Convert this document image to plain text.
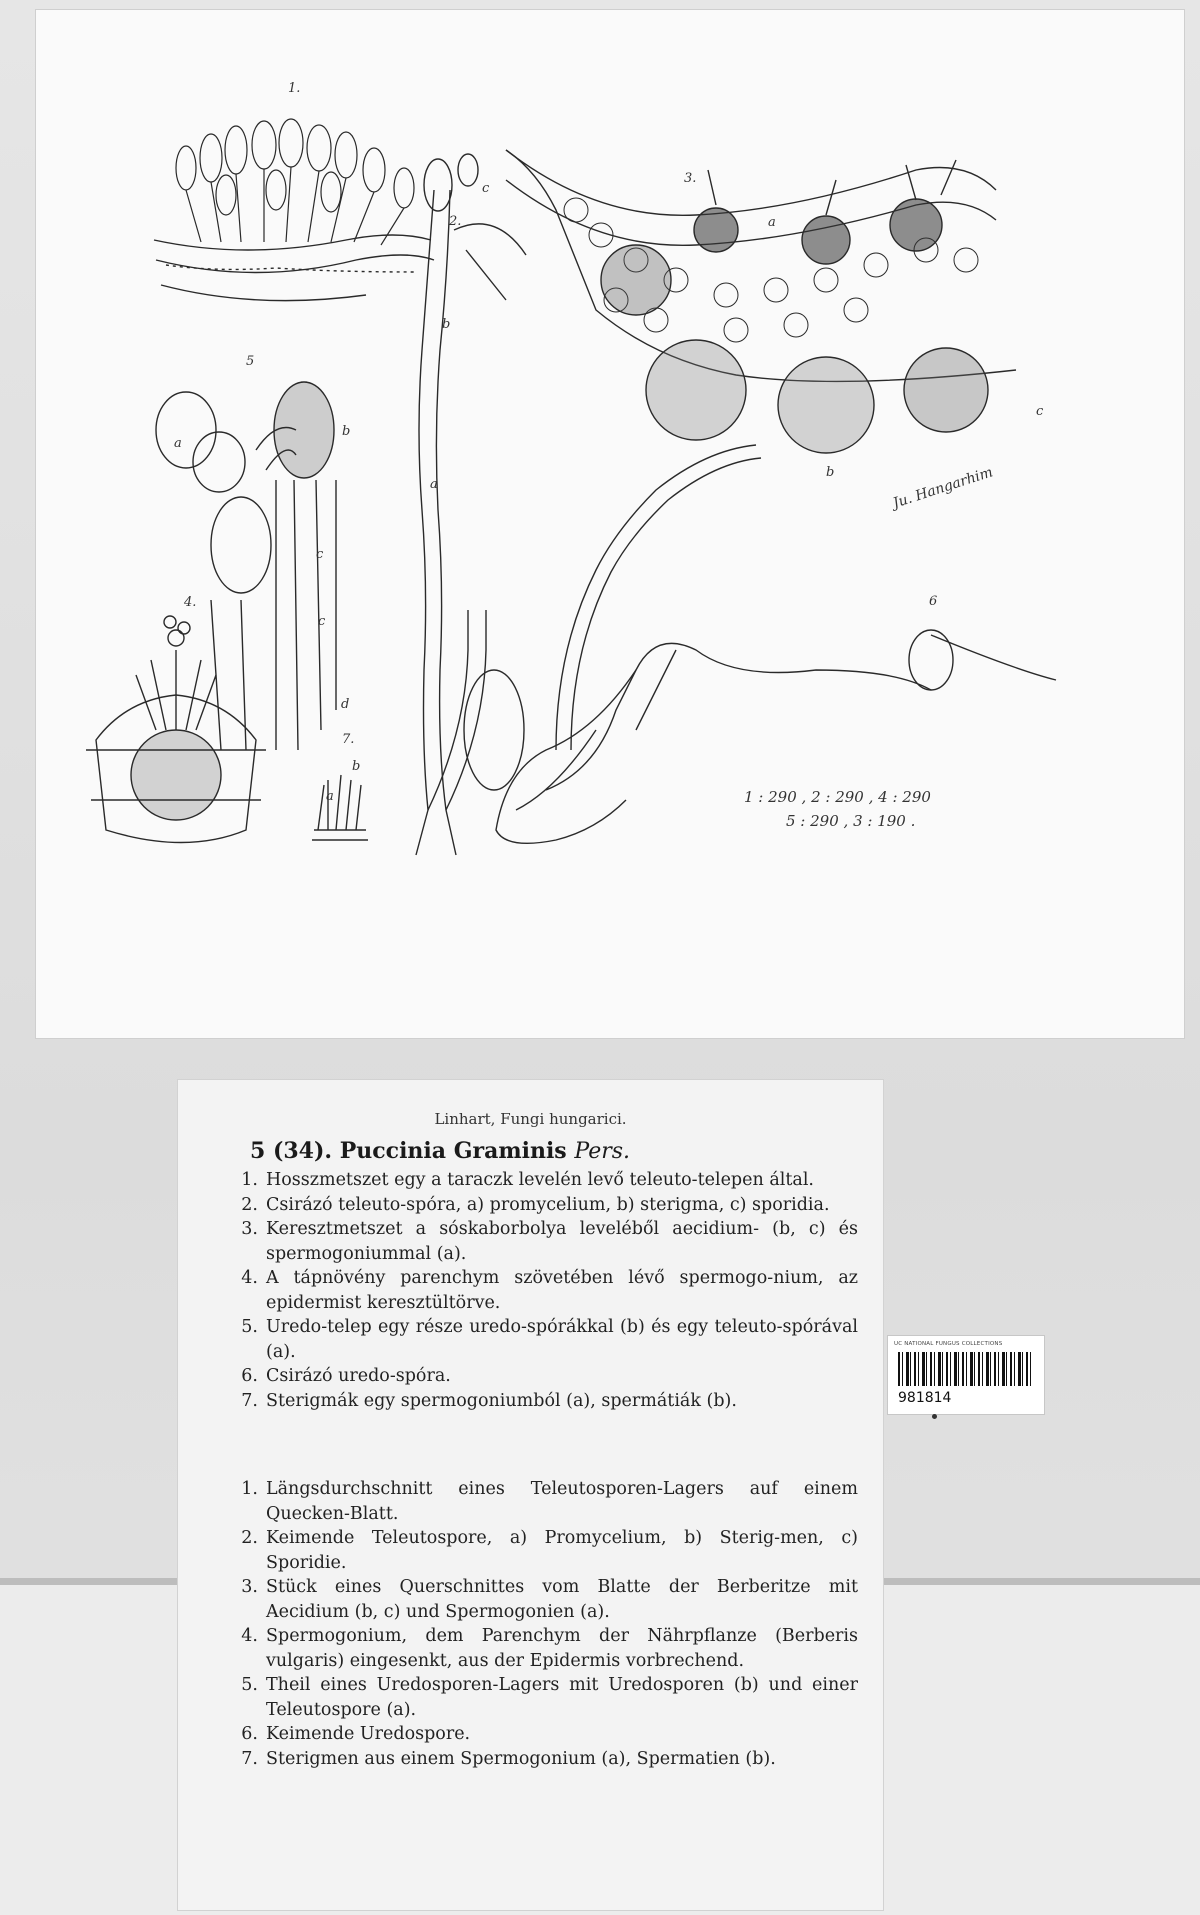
1.
2.
3.
4.
5
6
7.
a
b
c
a
b
c
a
b
c
a
b
d
c
1 : 290 , 2 : 290 , 4 : 290
5 : 290 , 3 : 190 .
Ju. Hangarhim
Linhart, Fungi hungarici.
5 (34). Puccinia Graminis Pers.
1. Hosszmetszet egy a taraczk levelén levő teleuto-telepen által.
2. Csirázó teleuto-spóra, a) promycelium, b) sterigma, c) sporidia.
3. Keresztmetszet a sóskaborbolya leveléből aecidium- (b, c) és spermogoniummal (a).
4. A tápnövény parenchym szövetében lévő spermogo-nium, az epidermist keresztültörve.
5. Uredo-telep egy része uredo-spórákkal (b) és egy teleuto-spórával (a).
6. Csirázó uredo-spóra.
7. Sterigmák egy spermogoniumból (a), spermátiák (b).
1. Längsdurchschnitt eines Teleutosporen-Lagers auf einem Quecken-Blatt.
2. Keimende Teleutospore, a) Promycelium, b) Sterig-men, c) Sporidie.
3. Stück eines Querschnittes vom Blatte der Berberitze mit Aecidium (b, c) und Spermogonien (a).
4. Spermogonium, dem Parenchym der Nährpflanze (Berberis vulgaris) eingesenkt, aus der Epidermis vorbrechend.
5. Theil eines Uredosporen-Lagers mit Uredosporen (b) und einer Teleutospore (a).
6. Keimende Uredospore.
7. Sterigmen aus einem Spermogonium (a), Spermatien (b).
UC NATIONAL FUNGUS COLLECTIONS
981814
